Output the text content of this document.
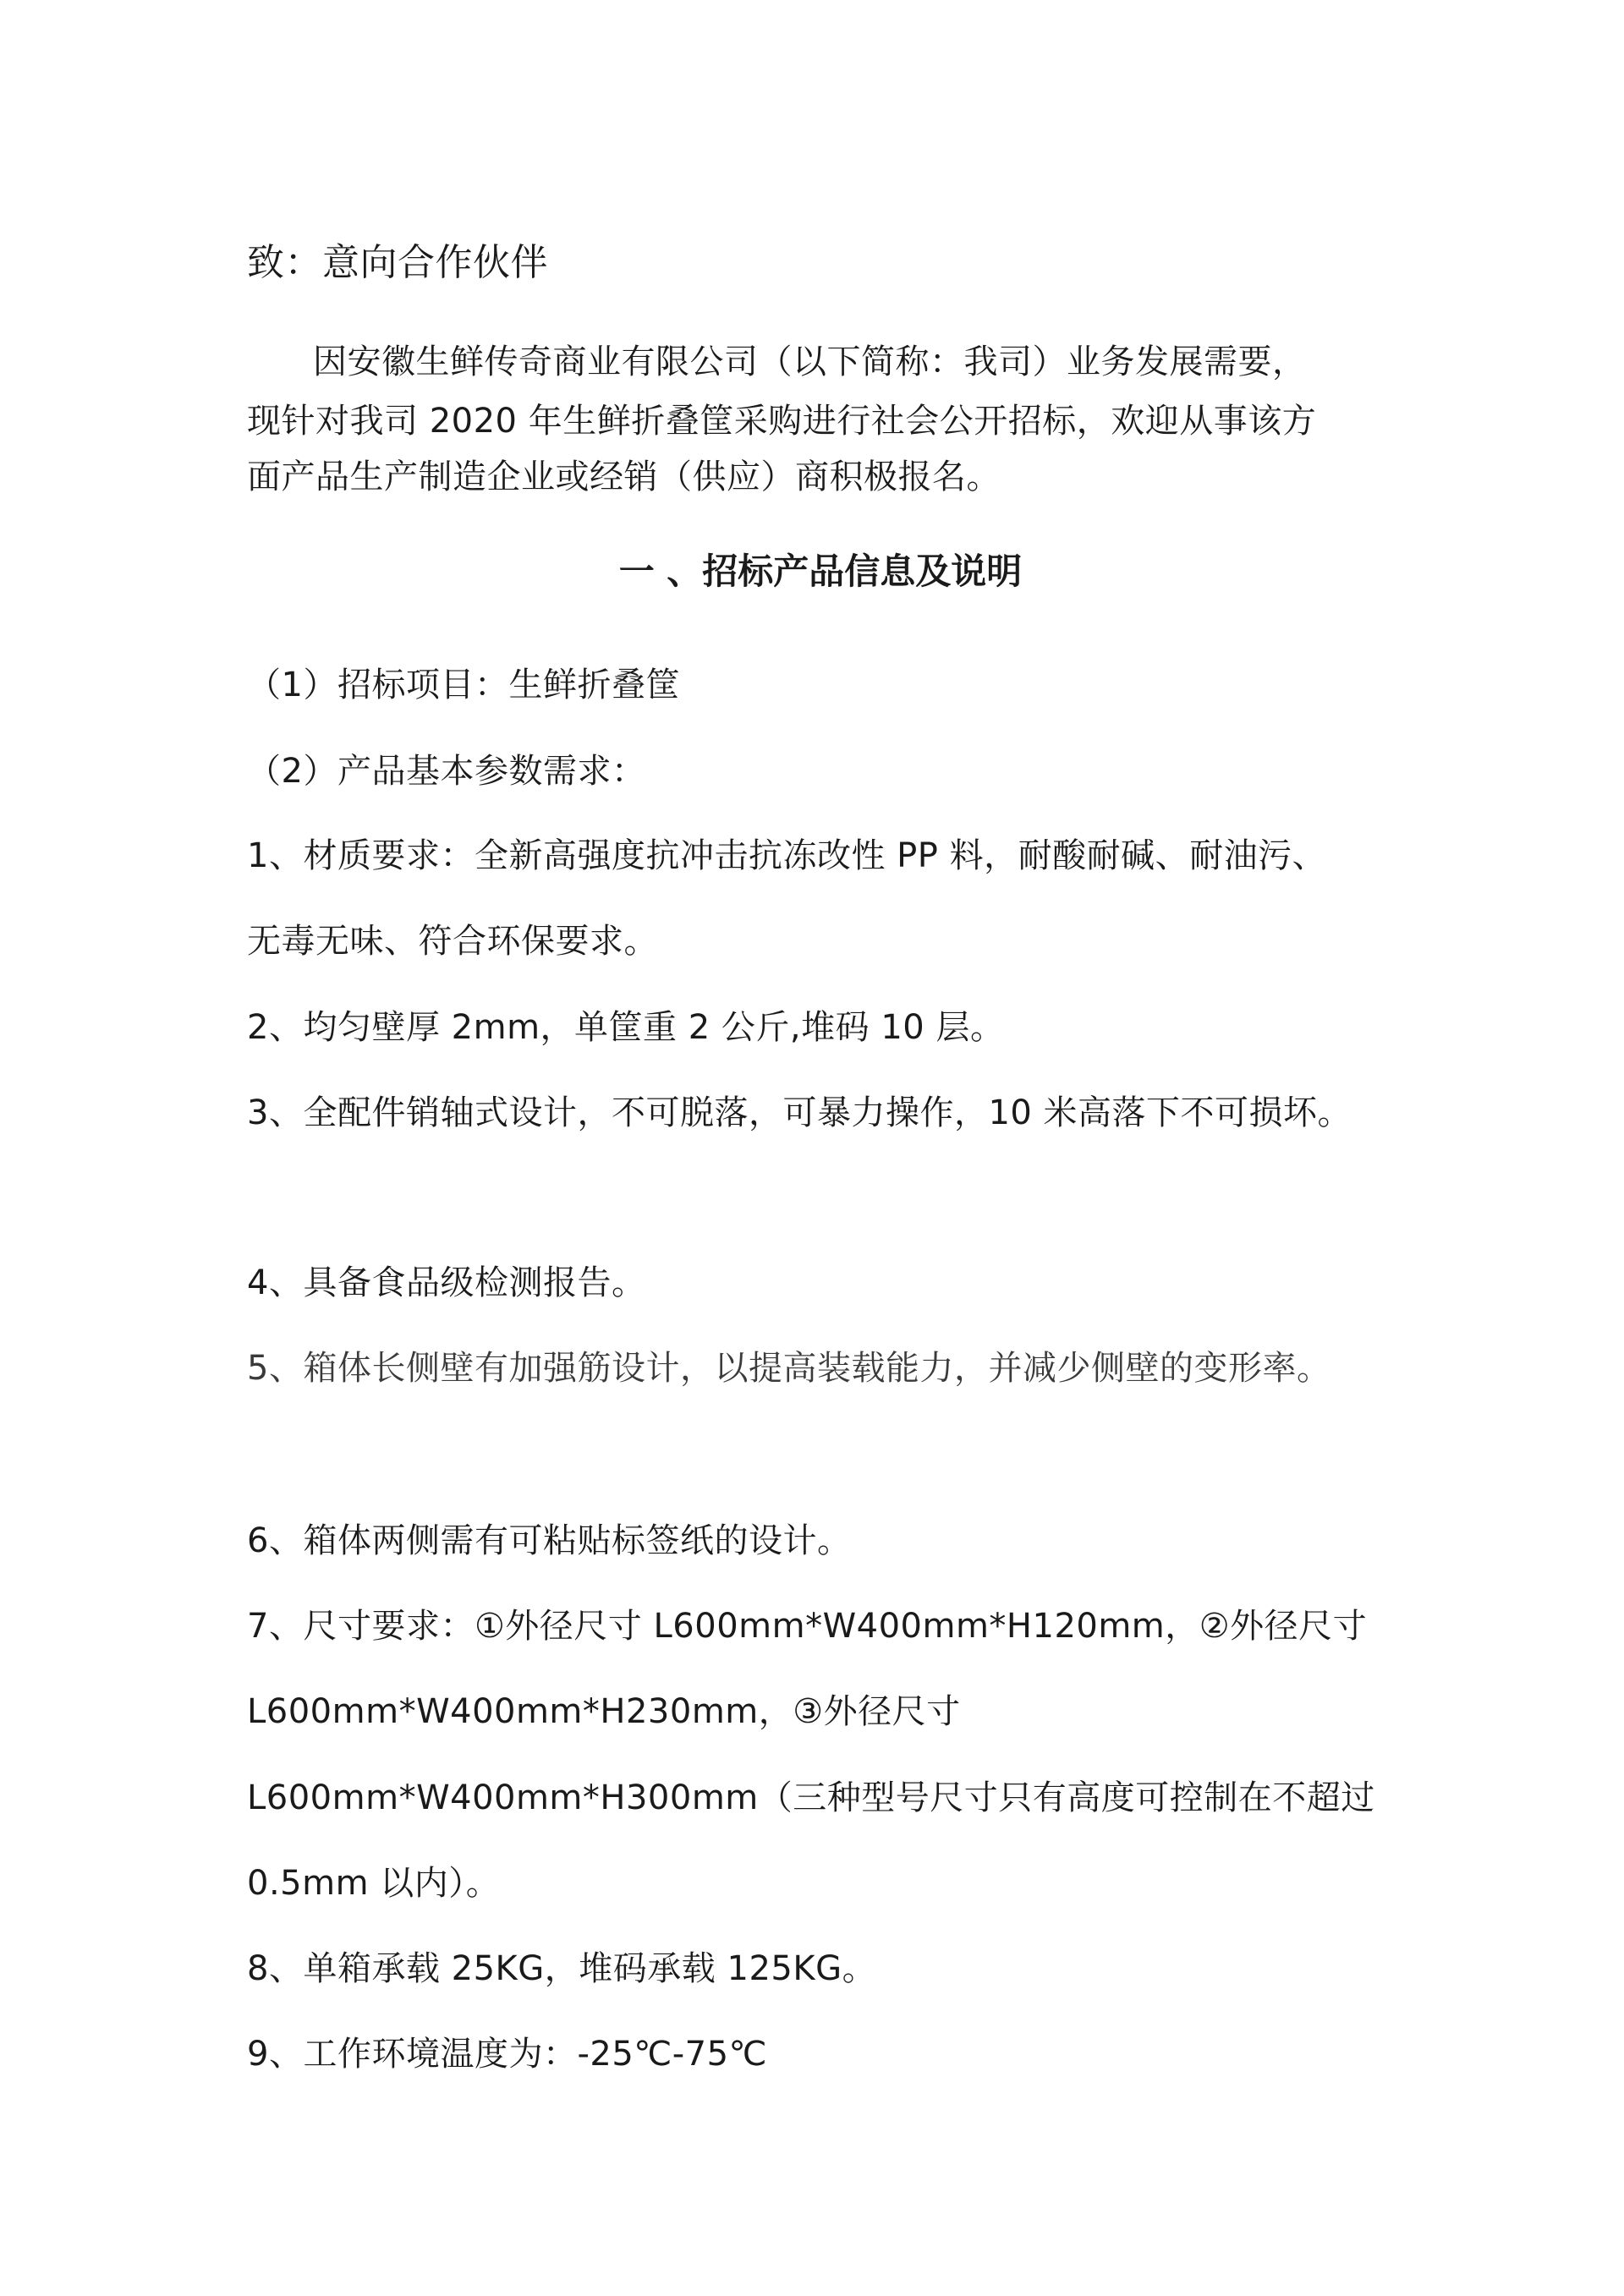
致：意向合作伙伴

因安徽生鲜传奇商业有限公司（以下简称：我司）业务发展需要，

现针对我司 2020 年生鲜折叠筐采购进行社会公开招标，欢迎从事该方

面产品生产制造企业或经销（供应）商积极报名。

一 、招标产品信息及说明

（1）招标项目：生鲜折叠筐

（2）产品基本参数需求：

1、材质要求：全新高强度抗冲击抗冻改性 PP 料，耐酸耐碱、耐油污、

无毒无味、符合环保要求。

2、均匀壁厚 2mm，单筐重 2 公斤,堆码 10 层。

3、全配件销轴式设计，不可脱落，可暴力操作，10 米高落下不可损坏。

4、具备食品级检测报告。

5、箱体长侧壁有加强筋设计，以提高装载能力，并减少侧壁的变形率。

6、箱体两侧需有可粘贴标签纸的设计。

7、尺寸要求：①外径尺寸 L600mm*W400mm*H120mm，②外径尺寸

L600mm*W400mm*H230mm，③外径尺寸

L600mm*W400mm*H300mm（三种型号尺寸只有高度可控制在不超过

0.5mm 以内）。

8、单箱承载 25KG，堆码承载 125KG。

9、工作环境温度为：-25℃-75℃
